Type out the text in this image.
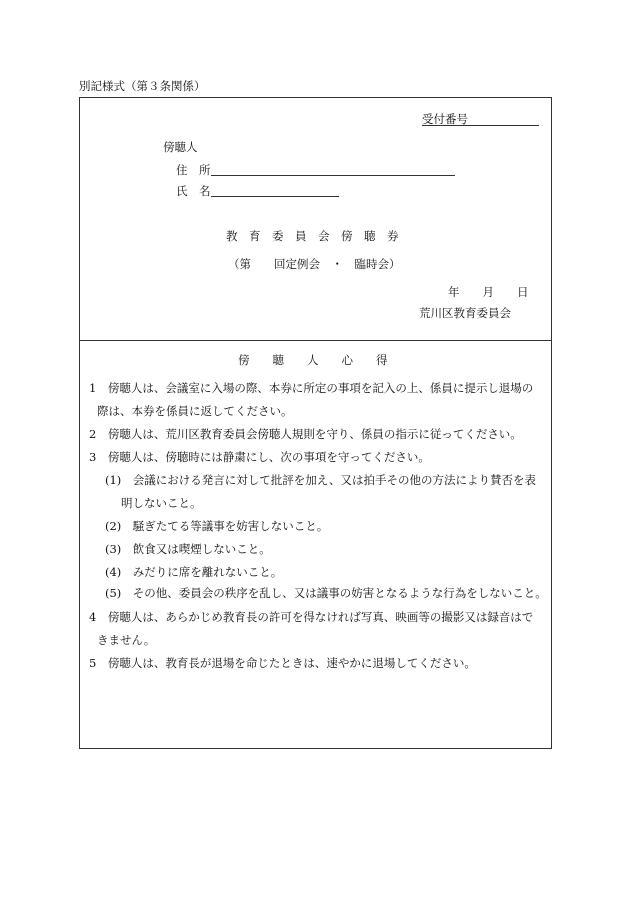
別記様式（第３条関係）
受付番号
傍聴人
住　所
氏　名
教　育　委　員　会　傍　聴　券
（第　　回定例会　・　臨時会）
年　　月　　日
荒川区教育委員会
傍　　聴　　人　　心　　得
1　傍聴人は、会議室に入場の際、本券に所定の事項を記入の上、係員に提示し退場の
際は、本券を係員に返してください。
2　傍聴人は、荒川区教育委員会傍聴人規則を守り、係員の指示に従ってください。
3　傍聴人は、傍聴時には静粛にし、次の事項を守ってください。
(1)　会議における発言に対して批評を加え、又は拍手その他の方法により賛否を表
明しないこと。
(2)　騒ぎたてる等議事を妨害しないこと。
(3)　飲食又は喫煙しないこと。
(4)　みだりに席を離れないこと。
(5)　その他、委員会の秩序を乱し、又は議事の妨害となるような行為をしないこと。
4　傍聴人は、あらかじめ教育長の許可を得なければ写真、映画等の撮影又は録音はで
きません。
5　傍聴人は、教育長が退場を命じたときは、速やかに退場してください。
